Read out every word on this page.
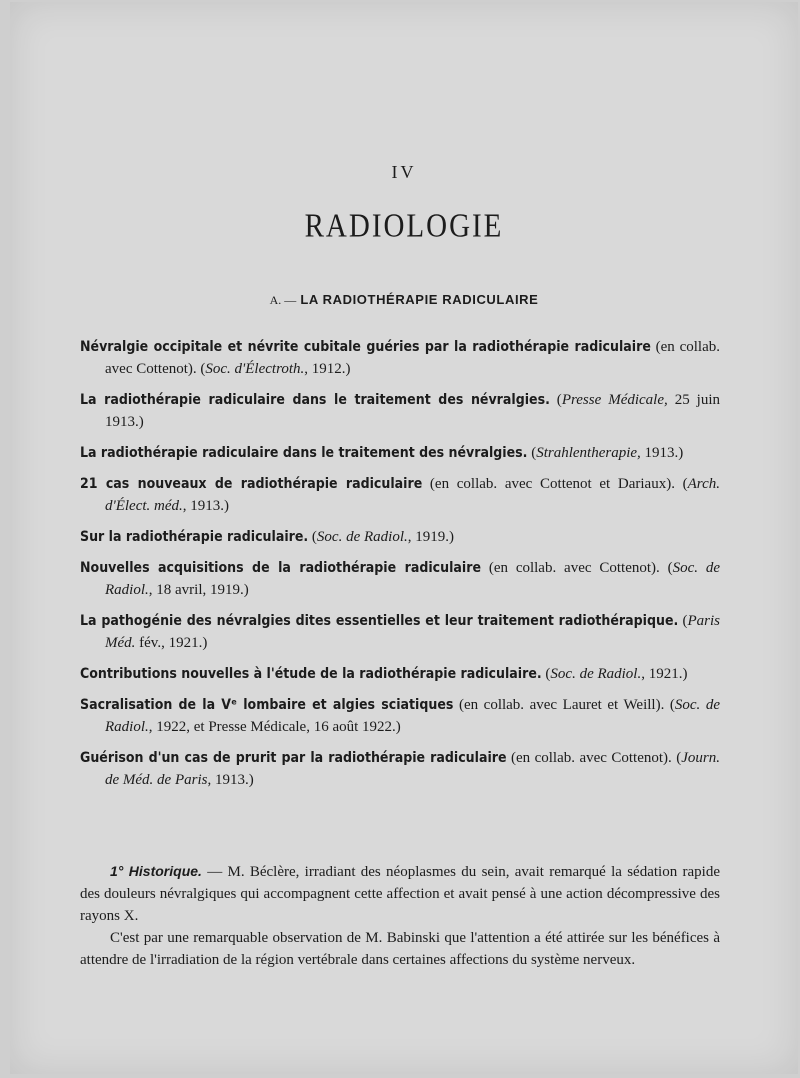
IV
RADIOLOGIE
A. — LA RADIOTHÉRAPIE RADICULAIRE
Névralgie occipitale et névrite cubitale guéries par la radiothérapie radiculaire (en collab. avec Cottenot). (Soc. d'Électroth., 1912.)
La radiothérapie radiculaire dans le traitement des névralgies. (Presse Médicale, 25 juin 1913.)
La radiothérapie radiculaire dans le traitement des névralgies. (Strahlentherapie, 1913.)
21 cas nouveaux de radiothérapie radiculaire (en collab. avec Cottenot et Dariaux). (Arch. d'Élect. méd., 1913.)
Sur la radiothérapie radiculaire. (Soc. de Radiol., 1919.)
Nouvelles acquisitions de la radiothérapie radiculaire (en collab. avec Cottenot). (Soc. de Radiol., 18 avril, 1919.)
La pathogénie des névralgies dites essentielles et leur traitement radiothérapique. (Paris Méd. fév., 1921.)
Contributions nouvelles à l'étude de la radiothérapie radiculaire. (Soc. de Radiol., 1921.)
Sacralisation de la Vᵉ lombaire et algies sciatiques (en collab. avec Lauret et Weill). (Soc. de Radiol., 1922, et Presse Médicale, 16 août 1922.)
Guérison d'un cas de prurit par la radiothérapie radiculaire (en collab. avec Cottenot). (Journ. de Méd. de Paris, 1913.)

1° Historique. — M. Béclère, irradiant des néoplasmes du sein, avait remarqué la sédation rapide des douleurs névralgiques qui accompagnent cette affection et avait pensé à une action décompressive des rayons X.

C'est par une remarquable observation de M. Babinski que l'attention a été attirée sur les bénéfices à attendre de l'irradiation de la région vertébrale dans certaines affections du système nerveux.
